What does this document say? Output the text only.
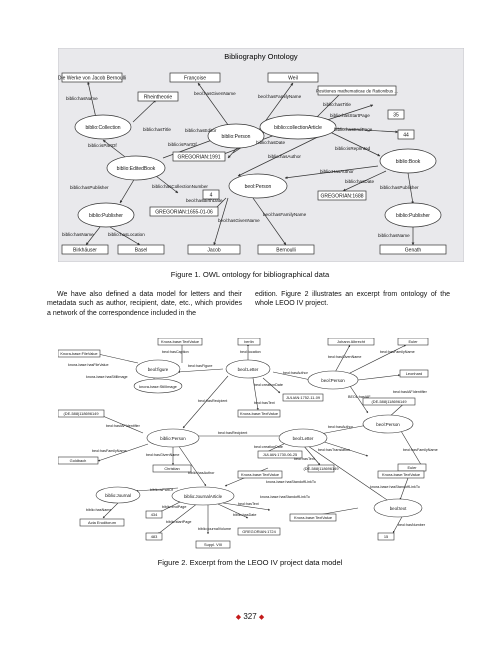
Bibliography Ontology
biblio:Collection
biblio:Person
biblio:collectionArticle
biblio:EditedBook
beol:Person
biblio:Book
biblio:Publisher	biblio:Publisher
Die Werke von Jacob Bernoulli
Rheintheorie
Françoise	Weil
Positiones mathematicae de Rationibus ...
35
44
GREGORIAN:1991
4	GREGORIAN:1688
GREGORIAN:1655-01-06
Birkhäuser	Basel	Jacob	Bernoulli	Genath
biblio:hasName
beol:hasGivenName
beol:hasFamilyName
biblio:hasTitle
biblio:hasStartPage
biblio:hasEndPage
biblio:hasTitle	biblio:hasEditor
biblio:isPartOf	biblio:isPartOf	biblio:hasDate
biblio:isReprinted
biblio:hasAuthor
biblio:HasAuthor
biblio:hasDate
biblio:hasPublisher	biblio:hasCollectionNumber
beol:hasBirthDate
biblio:hasPublisher
beol:hasGivenName
beol:hasFamilyName
biblio:hasName	biblio:hasLocation	biblio:hasName
Figure 1. OWL ontology for bibliographical data

We have also defined a data model for letters and their metadata such as author, recipient, date, etc., which provides a network of the correspondence included in the

edition. Figure 2 illustrates an excerpt from ontology of the whole LEOO IV project.

beol:figure	beol:Letter
beol:Person
knora-base:StillImage
beol:Person
biblio:Person	beol:Letter
biblio:Journal	biblio:JournalArticle
beol:text
Knora-base:TextValue	berlin	Johann Albrecht	Euler
Knora-base:FileValue
Leonhard
(DE-588)118696149
(DE-588)118696149
JULIAN:1752-11-09
Knora-base:TextValue
Goldbach
JULIAN:1730-06-25
Christian	(DE-588)118696149	Euler
Knora-base:TextValue	Knora-base:TextValue
Acta Eruditorum
434
Knora-base:TextValue
483
GREGORIAN:1724
Suppl. VIII
15
beol:hasCaption	beol:location
beol:hasGivenName
beol:hasFamilyName
knora-base:hasFileValue	beol:hasFigure
beol:hasAuthor
knora-base:hasStillImage
beol:creationDate
beol:hasRecipient	beol:hasText
BEOL:hasIAF
beol:hasIAFIdentifier
beol:hasIAFIdentifier
beol:hasRecipient
beol:hasAuthor
beol:creationDate
beol:hasTranslation
beol:hasFamilyName
beol:hasGivenName
beol:hasText
beol:hasFamilyName
biblio:hasAuthor
knora-base:hasStandoffLinkTo
knora-base:hasStandoffLinkTo
biblio:isPartOf
biblio:endPage
beol:hasText
knora-base:hasStandoffLinkTo
biblio:hasName
biblio:startPage
biblio:hasDate
biblio:journalVolume
beol:hasNumber
Figure 2. Excerpt from the LEOO IV project data model
◆ 327 ◆
